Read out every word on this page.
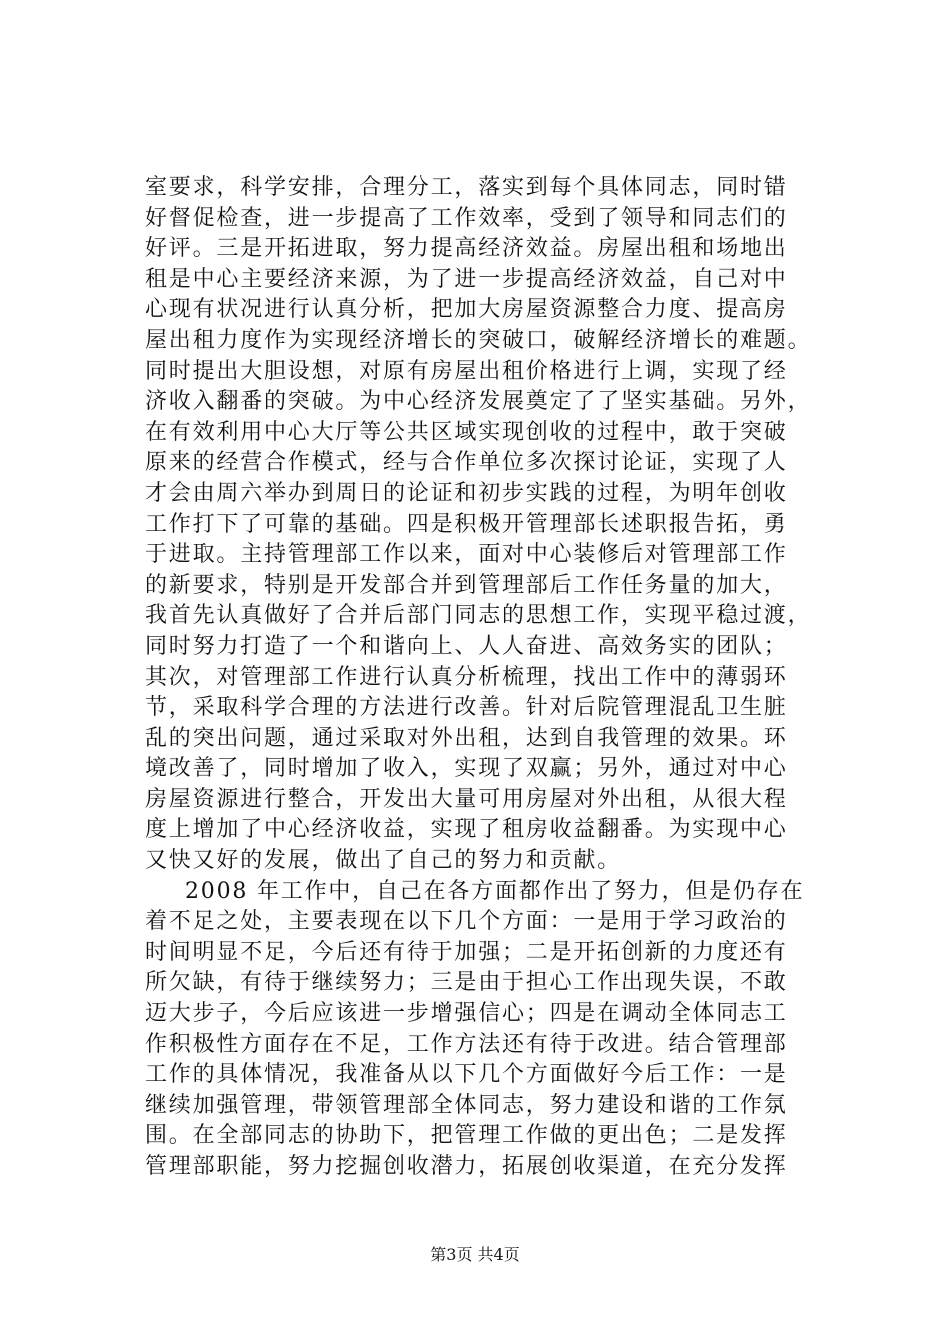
室要求，科学安排，合理分工，落实到每个具体同志，同时错
好督促检查，进一步提高了工作效率，受到了领导和同志们的
好评。三是开拓进取，努力提高经济效益。房屋出租和场地出
租是中心主要经济来源，为了进一步提高经济效益，自己对中
心现有状况进行认真分析，把加大房屋资源整合力度、提高房
屋出租力度作为实现经济增长的突破口，破解经济增长的难题。
同时提出大胆设想，对原有房屋出租价格进行上调，实现了经
济收入翻番的突破。为中心经济发展奠定了了坚实基础。另外，
在有效利用中心大厅等公共区域实现创收的过程中，敢于突破
原来的经营合作模式，经与合作单位多次探讨论证，实现了人
才会由周六举办到周日的论证和初步实践的过程，为明年创收
工作打下了可靠的基础。四是积极开管理部长述职报告拓，勇
于进取。主持管理部工作以来，面对中心装修后对管理部工作
的新要求，特别是开发部合并到管理部后工作任务量的加大，
我首先认真做好了合并后部门同志的思想工作，实现平稳过渡，
同时努力打造了一个和谐向上、人人奋进、高效务实的团队；
其次，对管理部工作进行认真分析梳理，找出工作中的薄弱环
节，采取科学合理的方法进行改善。针对后院管理混乱卫生脏
乱的突出问题，通过采取对外出租，达到自我管理的效果。环
境改善了，同时增加了收入，实现了双赢；另外，通过对中心
房屋资源进行整合，开发出大量可用房屋对外出租，从很大程
度上增加了中心经济收益，实现了租房收益翻番。为实现中心
又快又好的发展，做出了自己的努力和贡献。
2008 年工作中，自己在各方面都作出了努力，但是仍存在
着不足之处，主要表现在以下几个方面：一是用于学习政治的
时间明显不足，今后还有待于加强；二是开拓创新的力度还有
所欠缺，有待于继续努力；三是由于担心工作出现失误，不敢
迈大步子，今后应该进一步增强信心；四是在调动全体同志工
作积极性方面存在不足，工作方法还有待于改进。结合管理部
工作的具体情况，我准备从以下几个方面做好今后工作：一是
继续加强管理，带领管理部全体同志，努力建设和谐的工作氛
围。在全部同志的协助下，把管理工作做的更出色；二是发挥
管理部职能，努力挖掘创收潜力，拓展创收渠道，在充分发挥
第3页 共4页
